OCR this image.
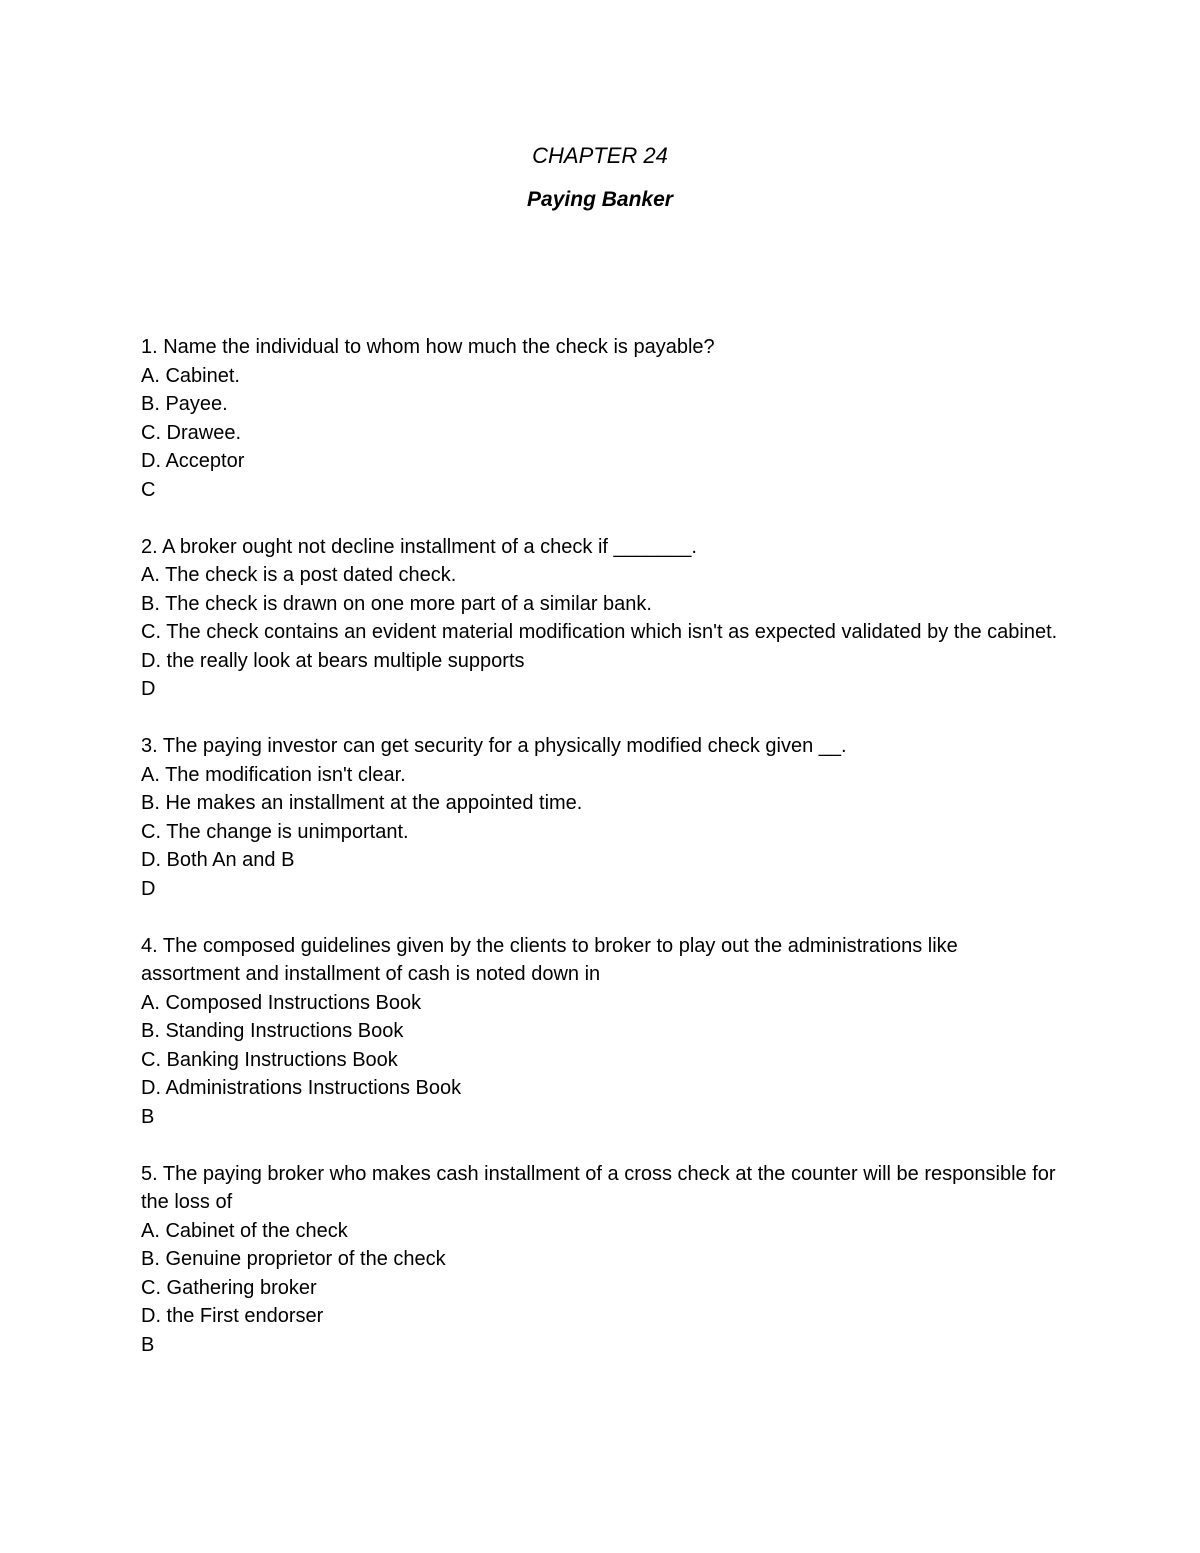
CHAPTER 24
Paying Banker
1. Name the individual to whom how much the check is payable?
A. Cabinet.
B. Payee.
C. Drawee.
D. Acceptor
C
2. A broker ought not decline installment of a check if _______.
A. The check is a post dated check.
B. The check is drawn on one more part of a similar bank.
C. The check contains an evident material modification which isn't as expected validated by the cabinet.
D. the really look at bears multiple supports
D
3. The paying investor can get security for a physically modified check given __.
A. The modification isn't clear.
B. He makes an installment at the appointed time.
C. The change is unimportant.
D. Both An and B
D
4. The composed guidelines given by the clients to broker to play out the administrations like assortment and installment of cash is noted down in
A. Composed Instructions Book
B. Standing Instructions Book
C. Banking Instructions Book
D. Administrations Instructions Book
B
5. The paying broker who makes cash installment of a cross check at the counter will be responsible for the loss of
A. Cabinet of the check
B. Genuine proprietor of the check
C. Gathering broker
D. the First endorser
B
